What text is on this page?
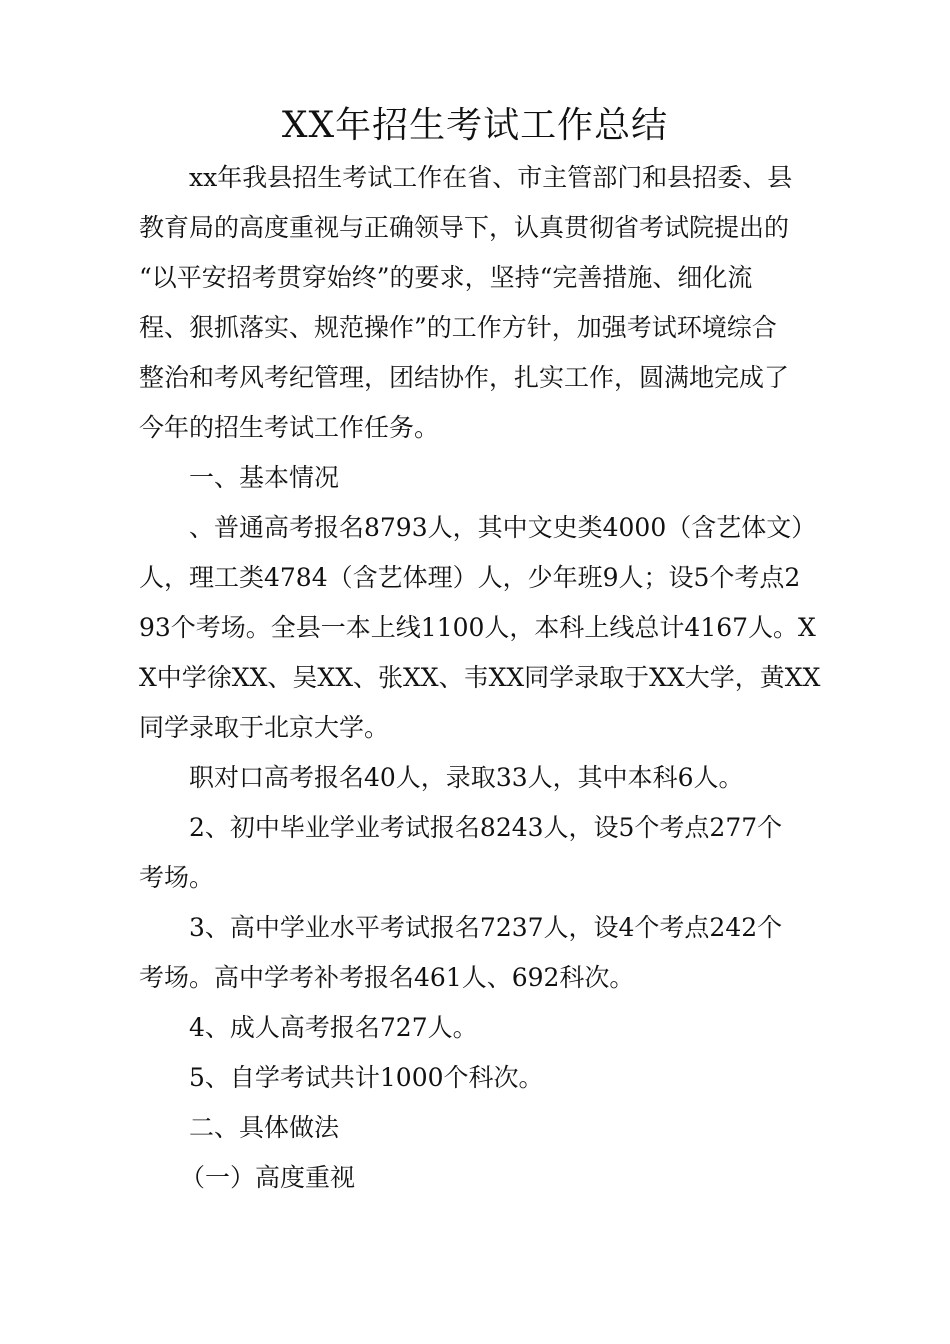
XX年招生考试工作总结

xx年我县招生考试工作在省、市主管部门和县招委、县

教育局的高度重视与正确领导下，认真贯彻省考试院提出的

“以平安招考贯穿始终”的要求，坚持“完善措施、细化流

程、狠抓落实、规范操作”的工作方针，加强考试环境综合

整治和考风考纪管理，团结协作，扎实工作，圆满地完成了

今年的招生考试工作任务。

一、基本情况

、普通高考报名8793人，其中文史类4000（含艺体文）

人，理工类4784（含艺体理）人，少年班9人；设5个考点2

93个考场。全县一本上线1100人，本科上线总计4167人。X

X中学徐XX、吴XX、张XX、韦XX同学录取于XX大学，黄XX

同学录取于北京大学。

职对口高考报名40人，录取33人，其中本科6人。

2、初中毕业学业考试报名8243人，设5个考点277个

考场。

3、高中学业水平考试报名7237人，设4个考点242个

考场。高中学考补考报名461人、692科次。

4、成人高考报名727人。

5、自学考试共计1000个科次。

二、具体做法

（一）高度重视
